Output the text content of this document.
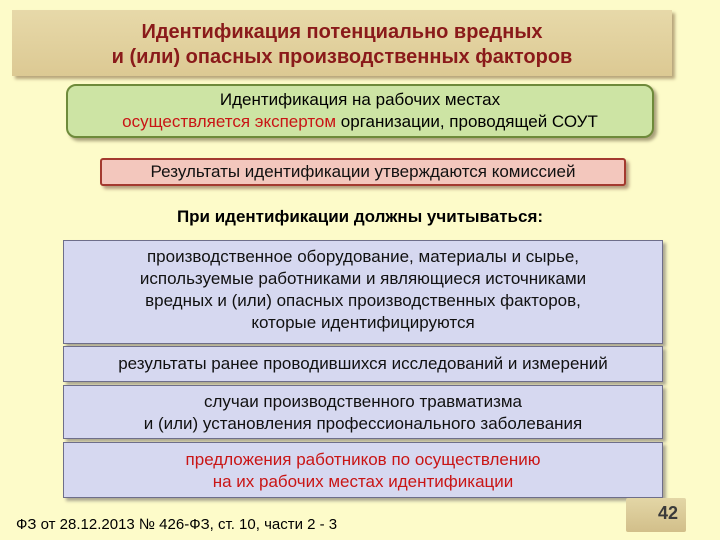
Идентификация потенциально вредных
и (или) опасных производственных факторов
Идентификация на рабочих местах
осуществляется экспертом организации, проводящей СОУТ
Результаты идентификации утверждаются комиссией
При идентификации должны учитываться:
производственное оборудование, материалы и сырье,
используемые работниками и являющиеся источниками
вредных и (или) опасных производственных факторов,
которые идентифицируются
результаты ранее проводившихся исследований и измерений
случаи производственного травматизма
и (или) установления профессионального заболевания
предложения работников по осуществлению
на их рабочих местах идентификации
ФЗ от 28.12.2013 № 426-ФЗ, ст. 10, части 2 - 3
42
